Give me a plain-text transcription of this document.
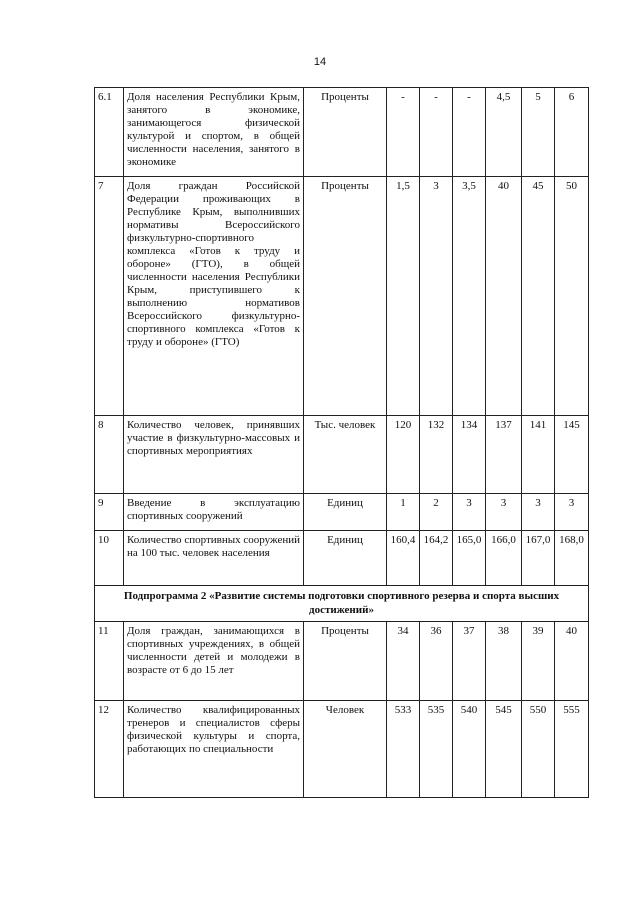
14
6.1	Доля населения Республики Крым, занятого в экономике, занимающегося физической культурой и спортом, в общей численности населения, занятого в экономике	Проценты	-	-	-	4,5	5	6
7	Доля граждан Российской Федерации проживающих в Республике Крым, выполнивших нормативы Всероссийского физкультурно-спортивного комплекса «Готов к труду и обороне» (ГТО), в общей численности населения Республики Крым, приступившего к выполнению нормативов Всероссийского физкультурно-спортивного комплекса «Готов к труду и обороне» (ГТО)	Проценты	1,5	3	3,5	40	45	50
8	Количество человек, принявших участие в физкультурно-массовых и спортивных мероприятиях	Тыс. человек	120	132	134	137	141	145
9	Введение в эксплуатацию спортивных сооружений	Единиц	1	2	3	3	3	3
10	Количество спортивных сооружений на 100 тыс. человек населения	Единиц	160,4	164,2	165,0	166,0	167,0	168,0
Подпрограмма 2 «Развитие системы подготовки спортивного резерва и спорта высших достижений»								
11	Доля граждан, занимающихся в спортивных учреждениях, в общей численности детей и молодежи в возрасте от 6 до 15 лет	Проценты	34	36	37	38	39	40
12	Количество квалифицированных тренеров и специалистов сферы физической культуры и спорта, работающих по специальности	Человек	533	535	540	545	550	555
